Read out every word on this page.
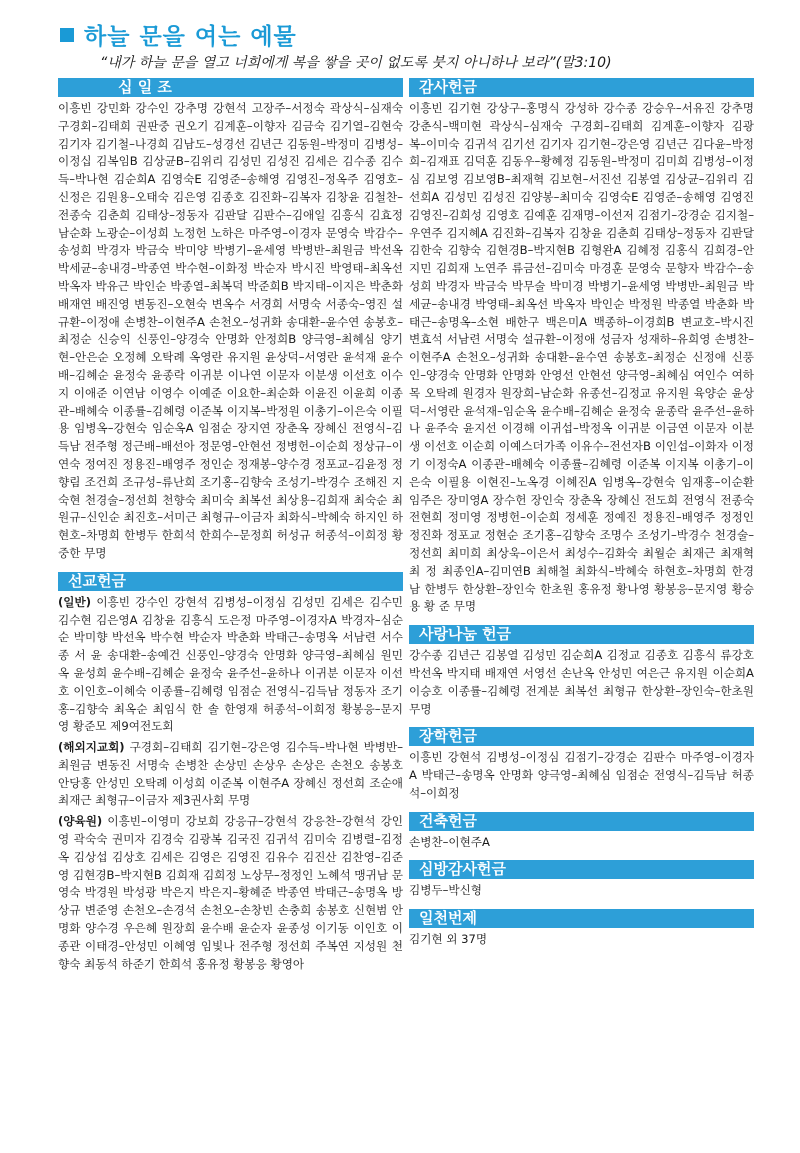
하늘 문을 여는 예물
“내가 하늘 문을 열고 너희에게 복을 쌓을 곳이 없도록 붓지 아니하나 보라”(말3:10)
십 일 조
이흥빈 강민화 강수인 강추명 강현석 고장주–서정숙 곽상식–심재숙 구경회–김태희 권판중 권오기 김계훈–이향자 김금숙 김기열–김현숙 김기자 김기철–나경희 김남도–성경선 김년근 김동원–박정미 김병성–이정십 김복임B 김상균B–김위리 김성민 김성진 김세은 김수종 김수득–박나현 김순희A 김영숙E 김영준–송해영 김영진–정옥주 김영호–신정은 김원용–오태숙 김은영 김종호 김진화–김복자 김창윤 김철찬–전종숙 김춘희 김태상–정동자 김판달 김판수–김애일 김흥식 김효정 남순화 노광순–이성희 노정헌 노하은 마주영–이경자 문영숙 박감수–송성희 박경자 박금숙 박미양 박병기–윤세영 박병반–최원금 박선옥 박세균–송내경–박종연 박수현–이화정 박순자 박시진 박영태–최옥선 박옥자 박유근 박인순 박종열–최복덕 박준희B 박지태–이지은 박춘화 배재연 배진영 변동진–오현숙 변옥수 서경희 서명숙 서종숙–영진 설규환–이정애 손병찬–이현주A 손천오–성귀화 송대환–윤수연 송봉호–최정순 신승익 신풍인–양경숙 안명화 안정희B 양극영–최혜심 양기현–안은순 오정혜 오탁례 옥영란 유지원 윤상덕–서영란 윤석재 윤수배–김혜순 윤정숙 윤종락 이귀분 이나연 이문자 이분생 이선호 이수지 이애준 이연남 이영수 이예준 이요한–최순화 이윤진 이윤희 이종관–배혜숙 이종률–김혜령 이준복 이지복–박정원 이총기–이은숙 이필용 임병옥–강현숙 임순옥A 임점순 장지연 장춘옥 장혜신 전영식–김득남 전주형 정근배–배선아 정문영–안현선 정병헌–이순희 정상규–이연숙 정여진 정용진–배영주 정인순 정재봉–양수경 정포교–김윤정 정향림 조건희 조규성–류난희 조기홍–김향숙 조성기–박경수 조해진 지숙현 천경술–정선희 천향숙 최미숙 최복선 최상용–김희재 최숙순 최원규–신인순 최진호–서미근 최형규–이금자 최화식–박혜숙 하지인 하현호–차명희 한병두 한희석 한희수–문정희 허성규 허종석–이희정 황중한 무명
선교헌금
(일반) 이흥빈 강수인 강현석 김병성–이정심 김성민 김세은 김수민 김수현 김은영A 김창윤 김흥식 도은정 마주영–이경자A 박경자–심순순 박미향 박선옥 박수현 박순자 박춘화 박태근–송명옥 서남련 서수종 서 윤 송대환–송예건 신풍인–양경숙 안명화 양극영–최혜심 원민옥 윤성희 윤수배–김혜순 윤정숙 윤주선–윤하나 이귀분 이문자 이선호 이인호–이혜숙 이종률–김혜령 임점순 전영식–김득남 정동자 조기홍–김향숙 최옥순 최임식 한 솔 한영재 허종석–이희정 황봉응–문지영 황준모 제9여전도회
(해외지교회) 구경회–김태희 김기현–강은영 김수득–박나현 박병반–최원금 변동진 서명숙 손병찬 손상민 손상우 손상은 손천오 송봉호 안당홍 안성민 오탁례 이성희 이준복 이현주A 장혜신 정선희 조순애 최재근 최형규–이금자 제3권사회 무명
(양육원) 이흥빈–이영미 강보희 강응규–강현석 강응찬–강현석 강인영 곽숙숙 권미자 김경숙 김광복 김국진 김귀석 김미숙 김병렬–김정옥 김상섭 김상호 김세은 김영은 김영진 김유수 김진산 김찬영–김준영 김현경B–박지현B 김희재 김희정 노상무–정정인 노혜석 맹귀남 문영숙 박경원 박성광 박은지 박은지–황혜준 박종연 박태근–송명옥 방상규 변준영 손천오–손경석 손천오–손창빈 손충희 송봉호 신현범 안명화 양수경 우은혜 원장희 윤수배 윤순자 윤종성 이기동 이인호 이종관 이태경–안성민 이혜영 임빛나 전주형 정선희 주복연 지성원 천향숙 최동석 하준기 한희석 홍유정 황봉응 황영아
감사헌금
이흥빈 김기현 강상구–홍명식 강성하 강수종 강승우–서유진 강추명 강춘식–백미현 곽상식–심재숙 구경회–김태희 김계훈–이향자 김광복–이미숙 김귀석 김기선 김기자 김기현–강은영 김년근 김다윤–박정희–김재표 김덕훈 김동우–황혜정 김동원–박정미 김미희 김병성–이정심 김보영 김보영B–최재혁 김보현–서진선 김봉열 김상균–김위리 김선희A 김성민 김성진 김양봉–최미숙 김영숙E 김영준–송해영 김영진 김영진–김희성 김영호 김예훈 김재명–이선저 김점기–강경순 김지철–우연주 김지혜A 김진화–김복자 김창윤 김춘희 김태상–정동자 김판달 김한숙 김향숙 김현경B–박지현B 김형완A 김혜정 김홍식 김희경–안지민 김희재 노연주 류금선–김미숙 마경훈 문영숙 문향자 박감수–송성희 박경자 박금숙 박무술 박미경 박병기–윤세영 박병반–최원금 박세균–송내경 박영태–최옥선 박옥자 박인순 박정원 박종열 박춘화 박태근–송명옥–소현 배한구 백은미A 백종하–이경희B 변교호–박시진 변효석 서남련 서명숙 설규환–이정애 성금자 성재하–유희영 손병찬–이현주A 손천오–성귀화 송대환–윤수연 송봉호–최정순 신정애 신풍인–양경숙 안명화 안명화 안영선 안현선 양극영–최혜심 여인수 여하목 오탁례 원경자 원장희–남순화 유종선–김정교 유지원 육양순 윤상덕–서영란 윤석재–임순옥 윤수배–김혜순 윤정숙 윤종락 윤주선–윤하나 윤주숙 윤지선 이경해 이귀섭–박정옥 이귀분 이금연 이문자 이분생 이선호 이순희 이예스더가족 이유수–전선자B 이인섭–이화자 이정기 이정숙A 이종관–배혜숙 이종률–김혜령 이준복 이지복 이총기–이은숙 이필용 이현진–노옥경 이혜진A 임병옥–강현숙 임재홍–이순환 임주은 장미영A 장수헌 장인숙 장춘옥 장혜신 전도희 전영식 전종숙 전현희 정미영 정병헌–이순희 정세훈 정예진 정용진–배영주 정정인 정진화 정포교 정현순 조기홍–김향숙 조명수 조성기–박경수 천경술–정선희 최미희 최상욱–이은서 최성수–김화숙 최월순 최재근 최재혁 최 정 최종인A–김미연B 최해철 최화식–박혜숙 하현호–차명희 한경남 한병두 한상환–장인숙 한초원 홍유정 황나영 황봉응–문지영 황승용 황 준 무명
사랑나눔 헌금
강수종 김년근 김봉열 김성민 김순희A 김정교 김종호 김흥식 류강호 박선옥 박지태 배재연 서영선 손난옥 안성민 여은근 유지원 이순희A 이승호 이종률–김혜령 전계분 최복선 최형규 한상환–장인숙–한초원 무명
장학헌금
이흥빈 강현석 김병성–이정심 김점기–강경순 김판수 마주영–이경자A 박태근–송명옥 안명화 양극영–최혜심 임점순 전영식–김득남 허종석–이희정
건축헌금
손병찬–이현주A
심방감사헌금
김병두–박신형
일천번제
김기현 외 37명
